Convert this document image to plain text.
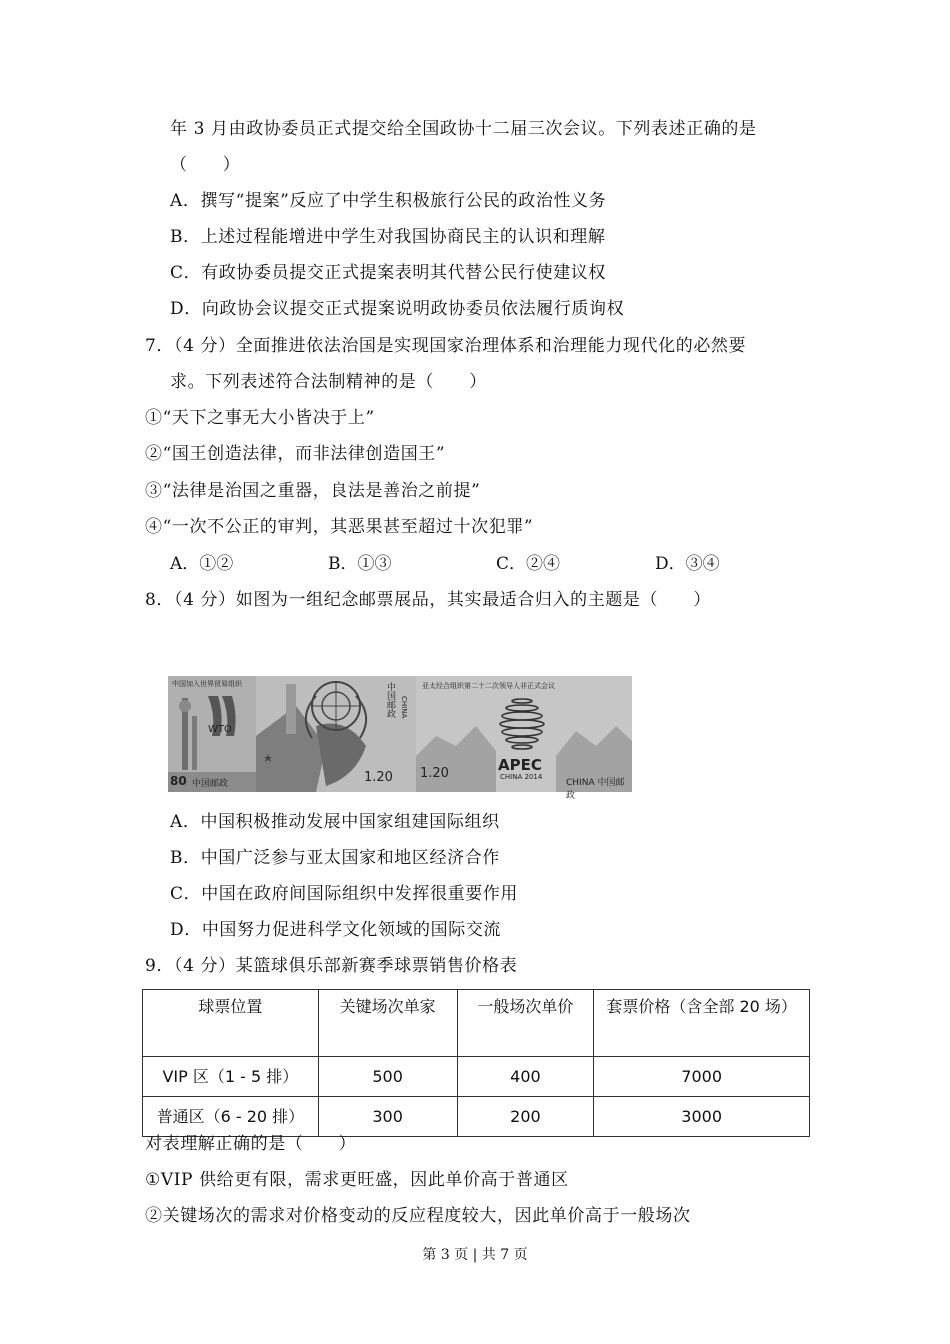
年 3 月由政协委员正式提交给全国政协十二届三次会议。下列表述正确的是
（　　）
A．撰写“提案”反应了中学生积极旅行公民的政治性义务
B．上述过程能增进中学生对我国协商民主的认识和理解
C．有政协委员提交正式提案表明其代替公民行使建议权
D．向政协会议提交正式提案说明政协委员依法履行质询权
7．（4 分）全面推进依法治国是实现国家治理体系和治理能力现代化的必然要
求。下列表述符合法制精神的是（　　）
①“天下之事无大小皆决于上”
②“国王创造法律，而非法律创造国王”
③“法律是治国之重器，良法是善治之前提”
④“一次不公正的审判，其恶果甚至超过十次犯罪”
A．①②	B．①③	C．②④	D．③④
8．（4 分）如图为一组纪念邮票展品，其实最适合归入的主题是（　　）
中国加入世界贸易组织
WTO
80 中国邮政
中国邮政 CHINA
1.20
亚太经合组织第二十二次领导人非正式会议
1.20	APEC
CHINA 2014
CHINA 中国邮政
A．中国积极推动发展中国家组建国际组织
B．中国广泛参与亚太国家和地区经济合作
C．中国在政府间国际组织中发挥很重要作用
D．中国努力促进科学文化领域的国际交流
9．（4 分）某篮球俱乐部新赛季球票销售价格表
球票位置	关键场次单家	一般场次单价	套票价格（含全部 20 场）
VIP 区（1 - 5 排）	500	400	7000
普通区（6 - 20 排）	300	200	3000
对表理解正确的是（　　）
①VIP 供给更有限，需求更旺盛，因此单价高于普通区
②关键场次的需求对价格变动的反应程度较大，因此单价高于一般场次
第 3 页 | 共 7 页
